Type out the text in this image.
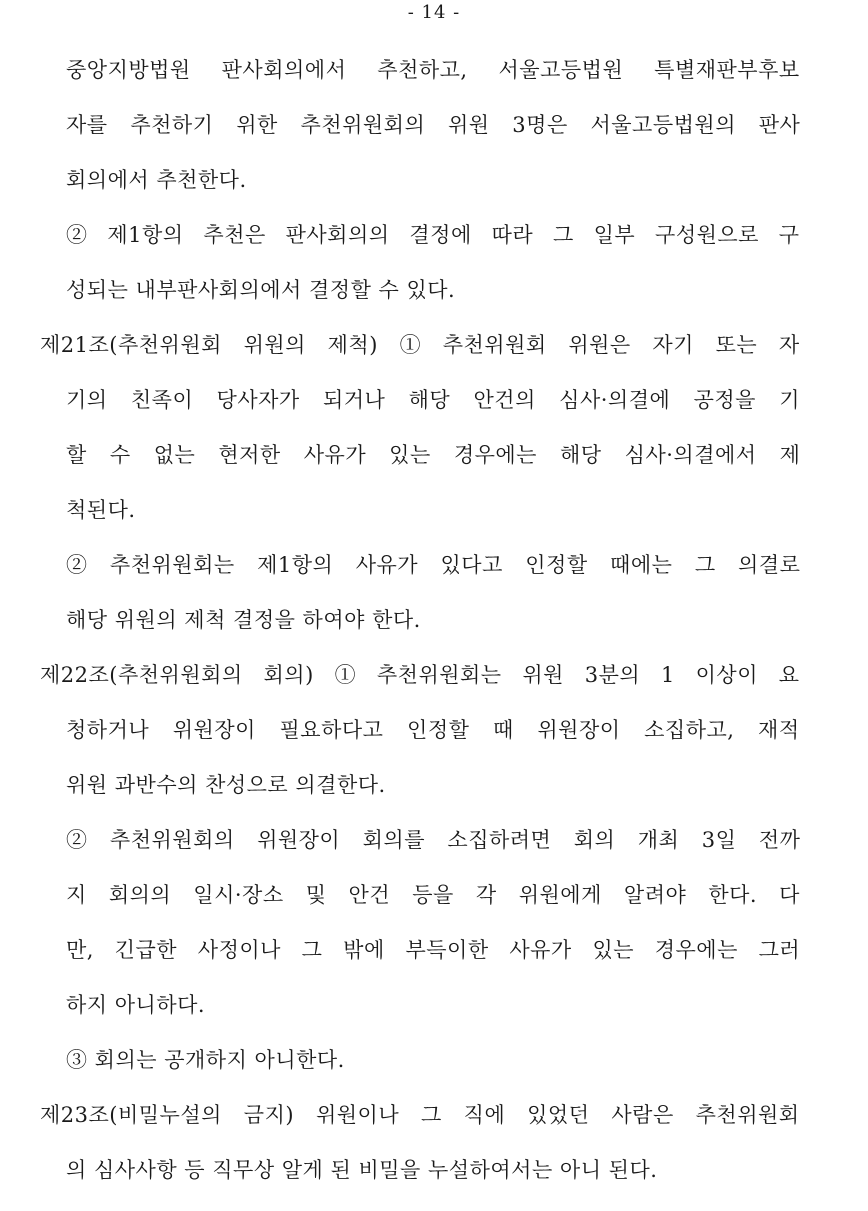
- 14 -
중앙지방법원 판사회의에서 추천하고, 서울고등법원 특별재판부후보
자를 추천하기 위한 추천위원회의 위원 3명은 서울고등법원의 판사
회의에서 추천한다.
② 제1항의 추천은 판사회의의 결정에 따라 그 일부 구성원으로 구
성되는 내부판사회의에서 결정할 수 있다.
제21조(추천위원회 위원의 제척) ① 추천위원회 위원은 자기 또는 자
기의 친족이 당사자가 되거나 해당 안건의 심사·의결에 공정을 기
할 수 없는 현저한 사유가 있는 경우에는 해당 심사·의결에서 제
척된다.
② 추천위원회는 제1항의 사유가 있다고 인정할 때에는 그 의결로
해당 위원의 제척 결정을 하여야 한다.
제22조(추천위원회의 회의) ① 추천위원회는 위원 3분의 1 이상이 요
청하거나 위원장이 필요하다고 인정할 때 위원장이 소집하고, 재적
위원 과반수의 찬성으로 의결한다.
② 추천위원회의 위원장이 회의를 소집하려면 회의 개최 3일 전까
지 회의의 일시·장소 및 안건 등을 각 위원에게 알려야 한다. 다
만, 긴급한 사정이나 그 밖에 부득이한 사유가 있는 경우에는 그러
하지 아니하다.
③ 회의는 공개하지 아니한다.
제23조(비밀누설의 금지) 위원이나 그 직에 있었던 사람은 추천위원회
의 심사사항 등 직무상 알게 된 비밀을 누설하여서는 아니 된다.
